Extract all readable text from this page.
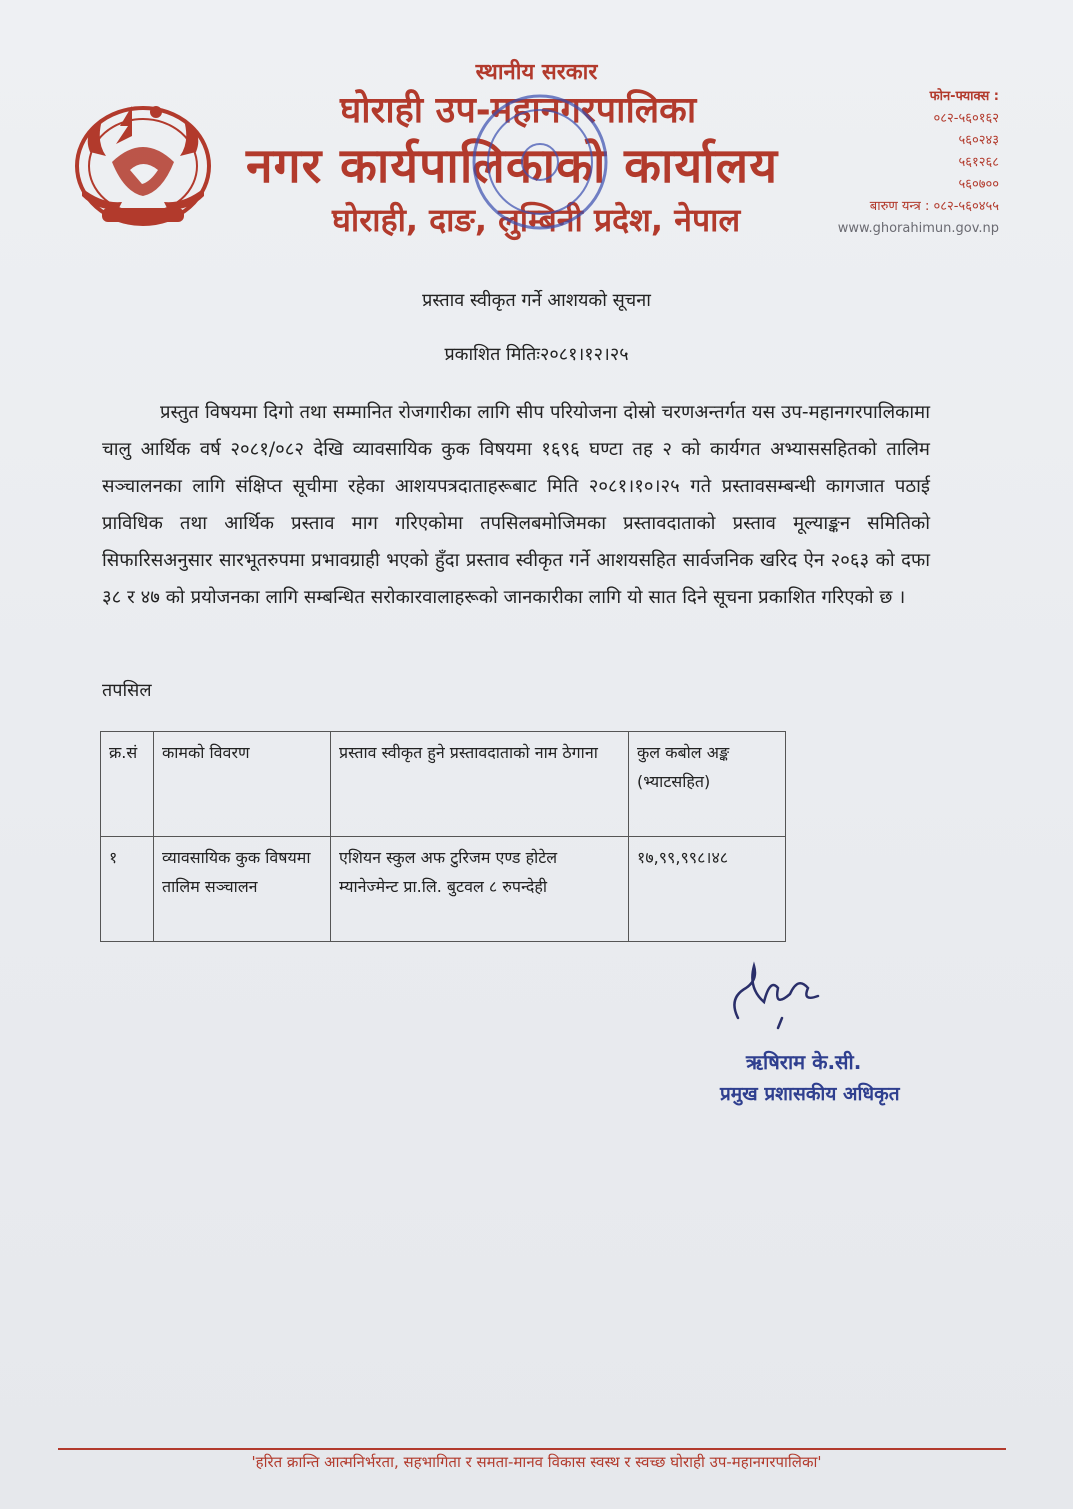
स्थानीय सरकार
घोराही उप-महानगरपालिका
नगर कार्यपालिकाको कार्यालय
घोराही, दाङ, लुम्बिनी प्रदेश, नेपाल
फोन-फ्याक्स :
०८२-५६०१६२
५६०२४३
५६१२६८
५६०७००
बारुण यन्त्र : ०८२-५६०४५५
www.ghorahimun.gov.np
प्रस्ताव स्वीकृत गर्ने आशयको सूचना
प्रकाशित मितिः२०८१।१२।२५
प्रस्तुत विषयमा दिगो तथा सम्मानित रोजगारीका लागि सीप परियोजना दोस्रो चरणअन्तर्गत यस उप-महानगरपालिकामा चालु आर्थिक वर्ष २०८१/०८२ देखि व्यावसायिक कुक विषयमा १६९६ घण्टा तह २ को कार्यगत अभ्याससहितको तालिम सञ्चालनका लागि संक्षिप्त सूचीमा रहेका आशयपत्रदाताहरूबाट मिति २०८१।१०।२५ गते प्रस्तावसम्बन्धी कागजात पठाई प्राविधिक तथा आर्थिक प्रस्ताव माग गरिएकोमा तपसिलबमोजिमका प्रस्तावदाताको प्रस्ताव मूल्याङ्कन समितिको सिफारिसअनुसार सारभूतरुपमा प्रभावग्राही भएको हुँदा प्रस्ताव स्वीकृत गर्ने आशयसहित सार्वजनिक खरिद ऐन २०६३ को दफा ३८ र ४७ को प्रयोजनका लागि सम्बन्धित सरोकारवालाहरूको जानकारीका लागि यो सात दिने सूचना प्रकाशित गरिएको छ ।
तपसिल
क्र.सं	कामको विवरण	प्रस्ताव स्वीकृत हुने प्रस्तावदाताको नाम ठेगाना	कुल कबोल अङ्क (भ्याटसहित)
१	व्यावसायिक कुक विषयमा तालिम सञ्चालन	एशियन स्कुल अफ टुरिजम एण्ड होटेल म्यानेज्मेन्ट प्रा.लि. बुटवल ८ रुपन्देही	१७,९९,९९८।४८
ऋषिराम के.सी.
प्रमुख प्रशासकीय अधिकृत
'हरित क्रान्ति आत्मनिर्भरता, सहभागिता र समता-मानव विकास स्वस्थ र स्वच्छ घोराही उप-महानगरपालिका'
